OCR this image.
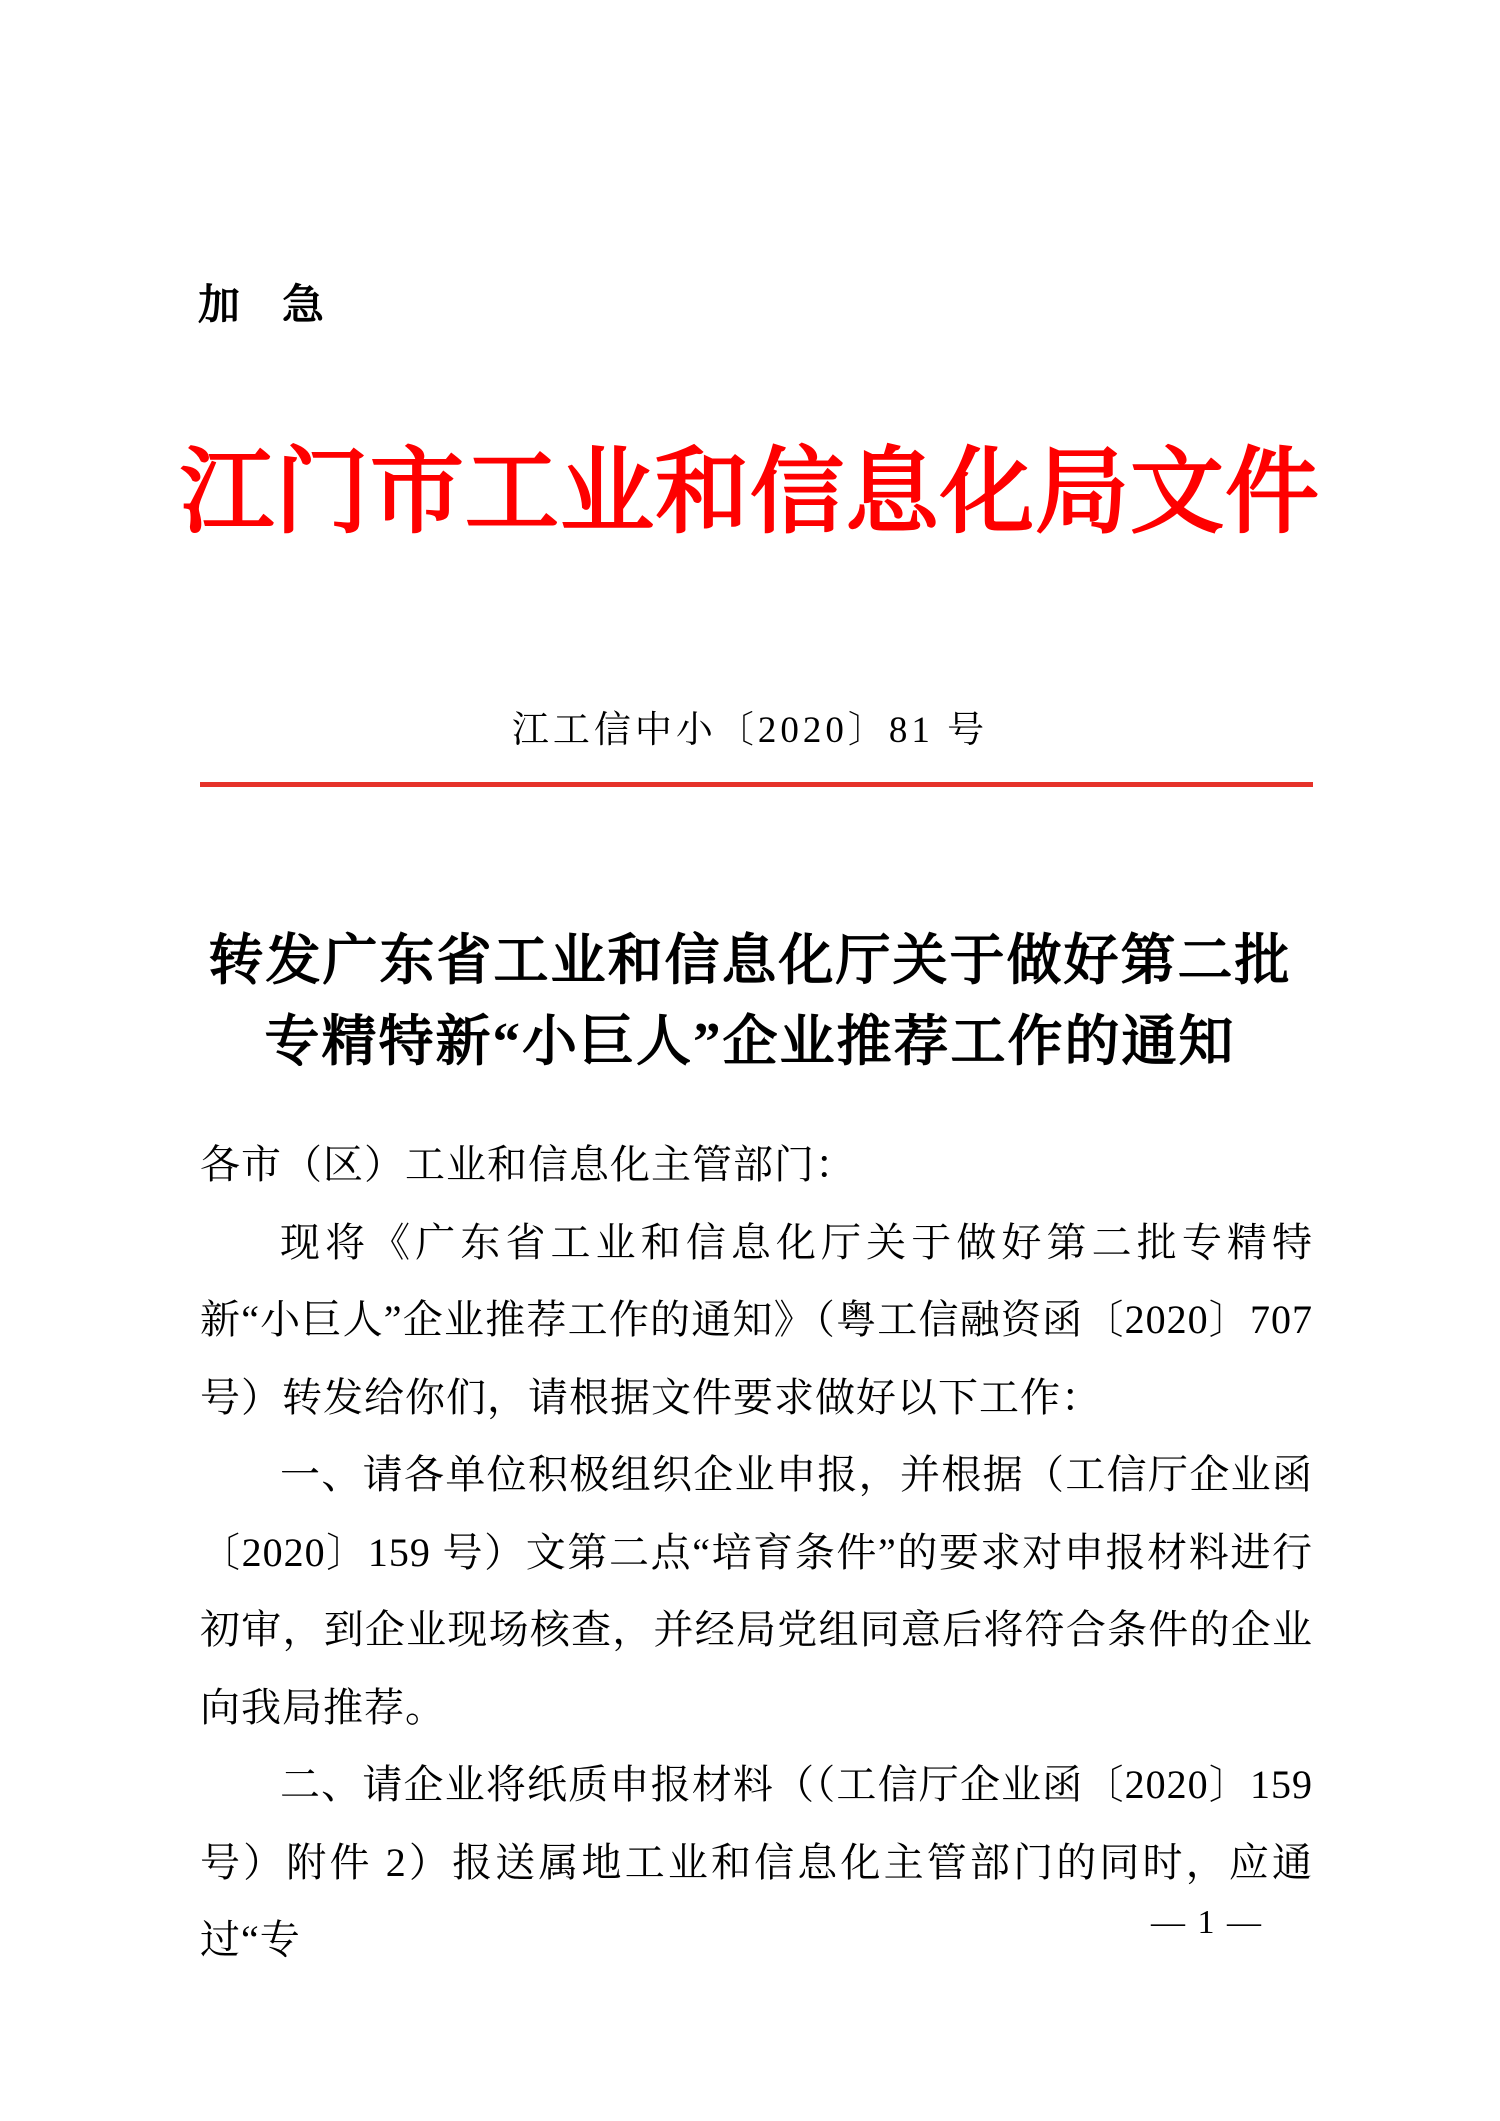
加　急
江门市工业和信息化局文件
江工信中小〔2020〕81 号
转发广东省工业和信息化厅关于做好第二批
专精特新“小巨人”企业推荐工作的通知

各市（区）工业和信息化主管部门：

现将《广东省工业和信息化厅关于做好第二批专精特新“小巨人”企业推荐工作的通知》（粤工信融资函〔2020〕707 号）转发给你们，请根据文件要求做好以下工作：

一、请各单位积极组织企业申报，并根据（工信厅企业函〔2020〕159 号）文第二点“培育条件”的要求对申报材料进行初审，到企业现场核查，并经局党组同意后将符合条件的企业向我局推荐。

二、请企业将纸质申报材料（（工信厅企业函〔2020〕159 号）附件 2）报送属地工业和信息化主管部门的同时，应通过“专	— 1 —
